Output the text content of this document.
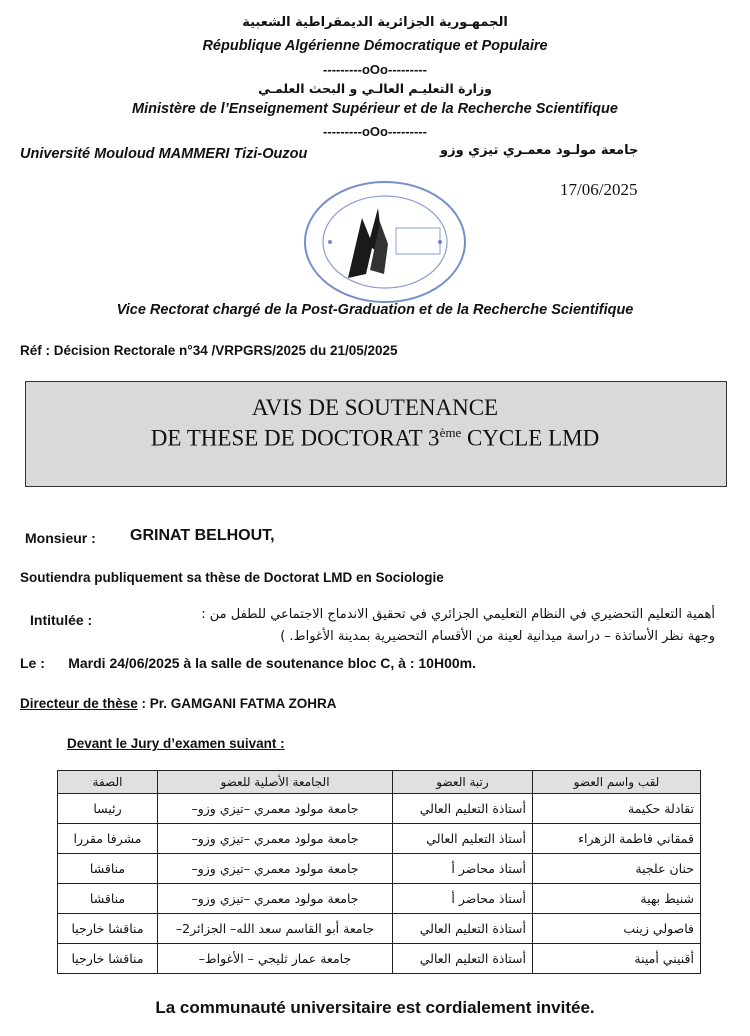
الجمهـورية الجزائرية الديمقراطية الشعبية
République Algérienne Démocratique et Populaire
---------oOo---------
وزارة التعليـم العالـي و البحث العلمـي
Ministère de l’Enseignement Supérieur et de la Recherche Scientifique
---------oOo---------
Université Mouloud MAMMERI Tizi-Ouzou	جامعة مولـود معمـري تيزي وزو
17/06/2025
Vice Rectorat chargé de la Post-Graduation et de la Recherche Scientifique
Réf : Décision Rectorale n°34 /VRPGRS/2025 du 21/05/2025
AVIS DE SOUTENANCE
DE THESE DE DOCTORAT 3ème CYCLE LMD
Monsieur : GRINAT BELHOUT,
Soutiendra publiquement sa thèse de Doctorat LMD en Sociologie
Intitulée :	أهمية التعليم التحضيري في النظام التعليمي الجزائري في تحقيق الاندماج الاجتماعي للطفل من :
وجهة نظر الأساتذة – دراسة ميدانية لعينة من الأقسام التحضيرية بمدينة الأغواط. )
Le : Mardi 24/06/2025 à la salle de soutenance bloc C, à : 10H00m.
Directeur de thèse : Pr. GAMGANI FATMA ZOHRA
Devant le Jury d’examen suivant :
الصفة	الجامعة الأصلية للعضو	رتبة العضو	لقب واسم العضو
رئيسا	جامعة مولود معمري –تيزي وزو–	أستاذة التعليم العالي	تقادلة حكيمة
مشرفا مقررا	جامعة مولود معمري –تيزي وزو–	أستاذ التعليم العالي	قمقاني فاطمة الزهراء
مناقشا	جامعة مولود معمري –تيزي وزو–	أستاذ محاضر أ	حنان علجية
مناقشا	جامعة مولود معمري –تيزي وزو–	أستاذ محاضر أ	شنيط بهية
مناقشا خارجيا	جامعة أبو القاسم سعد الله– الجزائر2–	أستاذة التعليم العالي	فاصولي زينب
مناقشا خارجيا	جامعة عمار ثليجي – الأغواط–	أستاذة التعليم العالي	أقنيني أمينة
La communauté universitaire est cordialement invitée.
